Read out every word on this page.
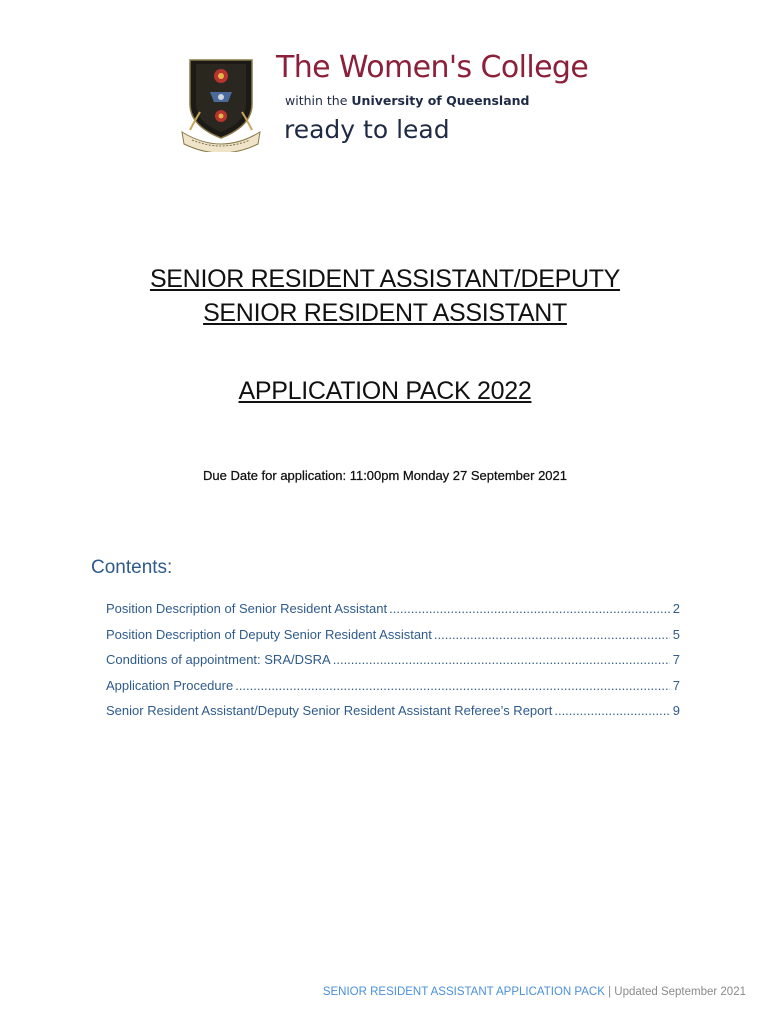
The Women's College
within the University of Queensland
ready to lead
SENIOR RESIDENT ASSISTANT/DEPUTY
SENIOR RESIDENT ASSISTANT
APPLICATION PACK 2022
Due Date for application: 11:00pm Monday 27 September 2021
Contents:
Position Description of Senior Resident Assistant .....	2
Position Description of Deputy Senior Resident Assistant .....	5
Conditions of appointment: SRA/DSRA .....	7
Application Procedure .....	7
Senior Resident Assistant/Deputy Senior Resident Assistant Referee’s Report .....	9
SENIOR RESIDENT ASSISTANT APPLICATION PACK | Updated September 2021
